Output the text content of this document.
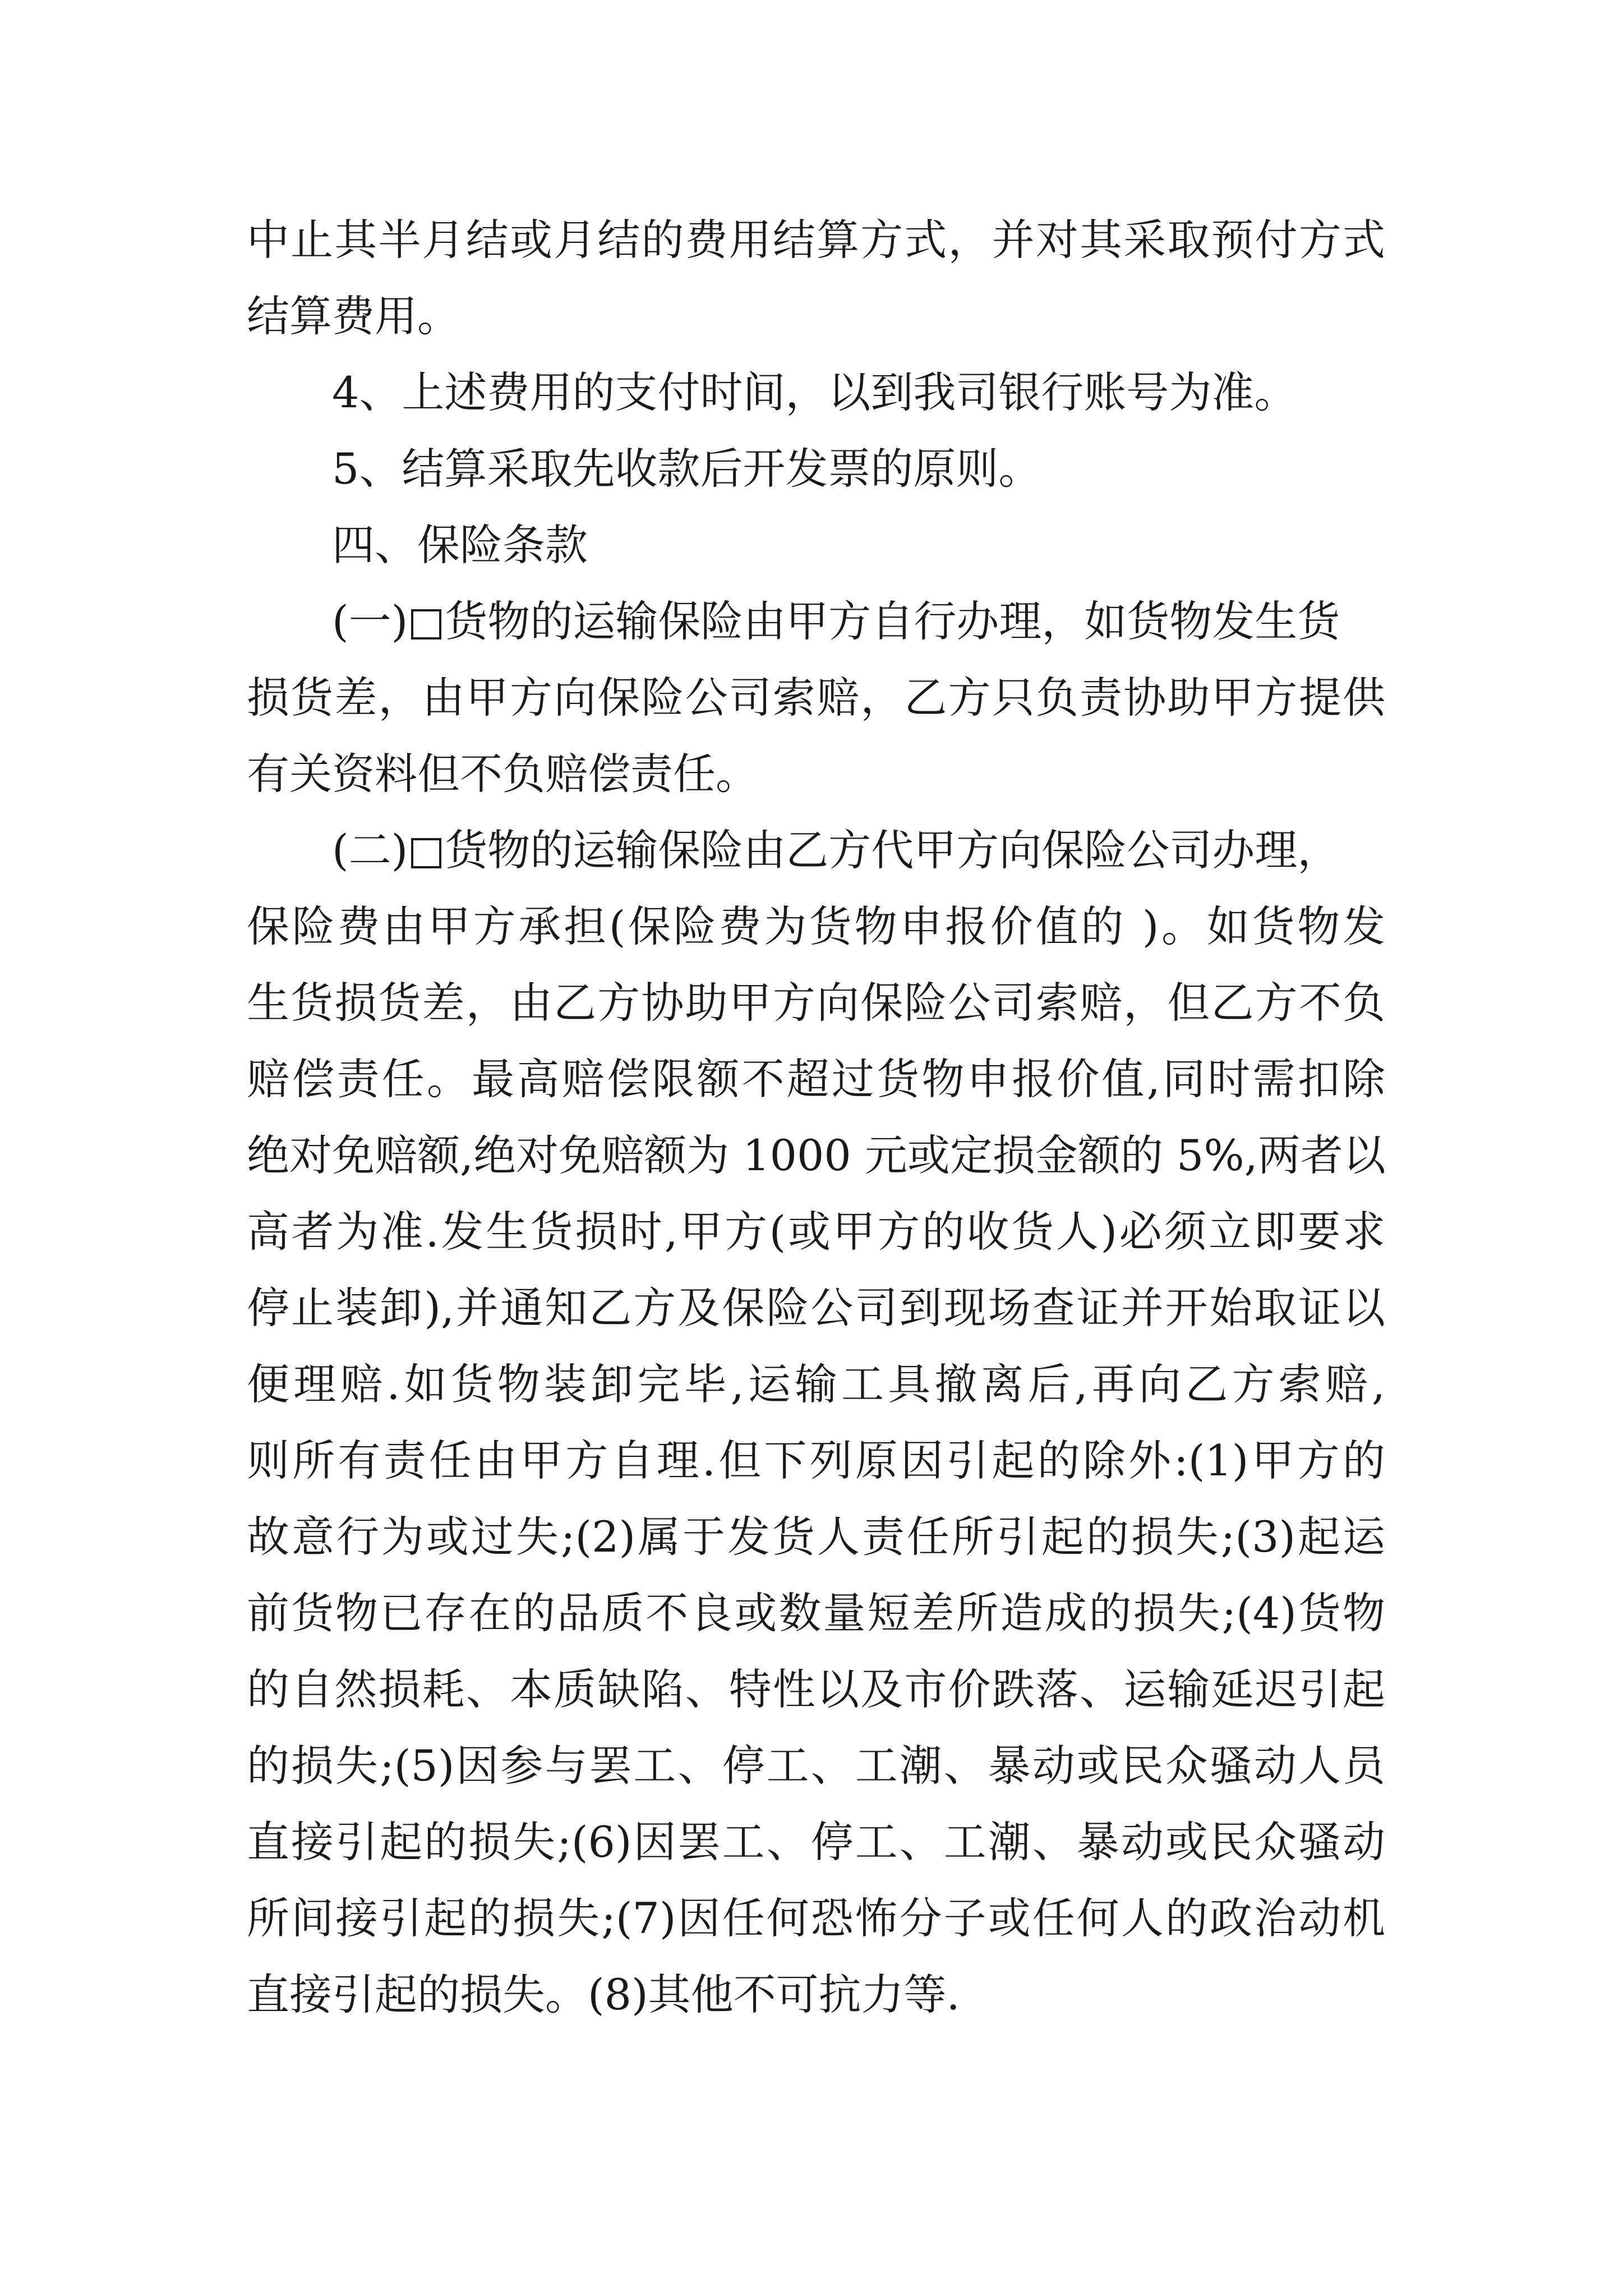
中止其半月结或月结的费用结算方式，并对其采取预付方式
结算费用。
4、上述费用的支付时间，以到我司银行账号为准。
5、结算采取先收款后开发票的原则。
四、保险条款
(一) 货物的运输保险由甲方自行办理，如货物发生货
损货差，由甲方向保险公司索赔，乙方只负责协助甲方提供
有关资料但不负赔偿责任。
(二) 货物的运输保险由乙方代甲方向保险公司办理，
保险费由甲方承担(保险费为货物申报价值的 )。如货物发
生货损货差，由乙方协助甲方向保险公司索赔，但乙方不负
赔偿责任。最高赔偿限额不超过货物申报价值,同时需扣除
绝对免赔额,绝对免赔额为 1000 元或定损金额的 5%,两者以
高者为准.发生货损时,甲方(或甲方的收货人)必须立即要求
停止装卸),并通知乙方及保险公司到现场查证并开始取证以
便理赔.如货物装卸完毕,运输工具撤离后,再向乙方索赔,
则所有责任由甲方自理.但下列原因引起的除外:(1)甲方的
故意行为或过失;(2)属于发货人责任所引起的损失;(3)起运
前货物已存在的品质不良或数量短差所造成的损失;(4)货物
的自然损耗、本质缺陷、特性以及市价跌落、运输延迟引起
的损失;(5)因参与罢工、停工、工潮、暴动或民众骚动人员
直接引起的损失;(6)因罢工、停工、工潮、暴动或民众骚动
所间接引起的损失;(7)因任何恐怖分子或任何人的政治动机
直接引起的损失。(8)其他不可抗力等.
